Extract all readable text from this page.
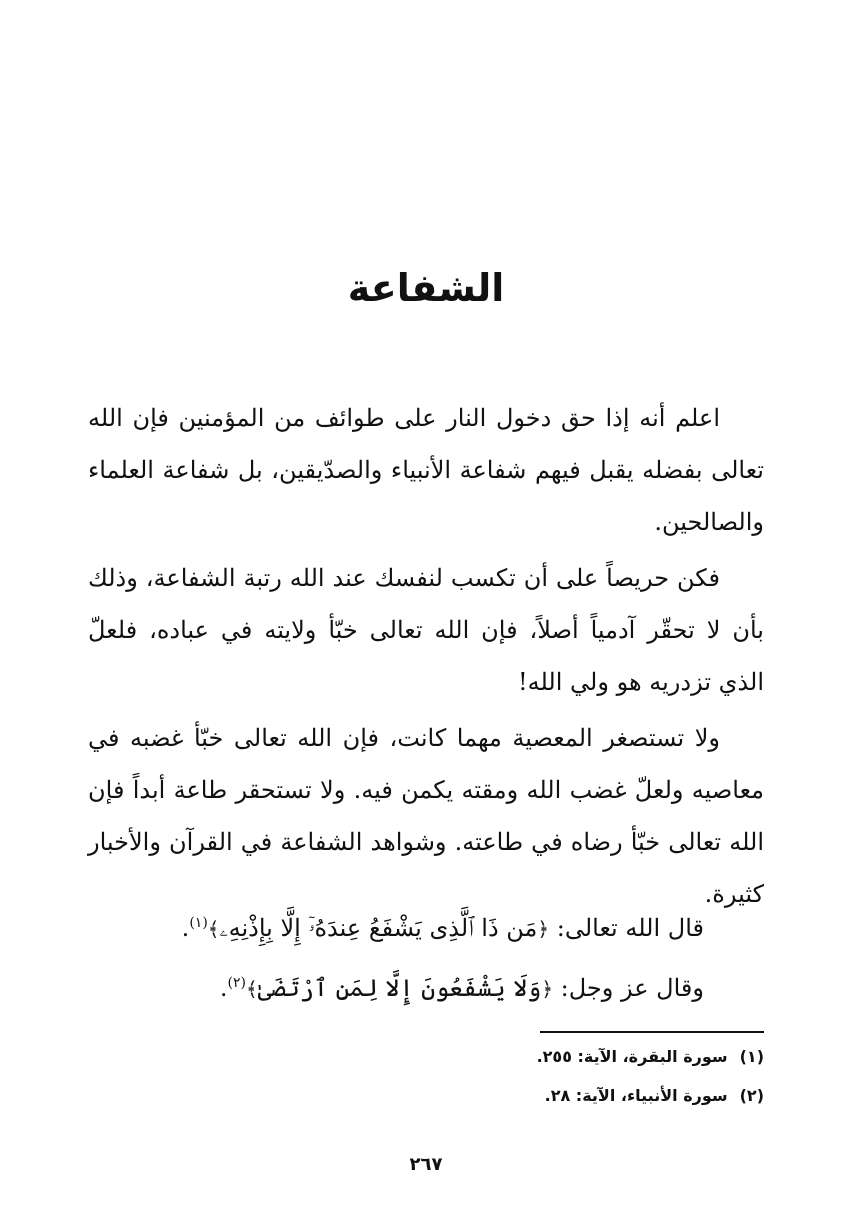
الشفاعة

اعلم أنه إذا حق دخول النار على طوائف من المؤمنين فإن الله تعالى بفضله يقبل فيهم شفاعة الأنبياء والصدّيقين، بل شفاعة العلماء والصالحين.

فكن حريصاً على أن تكسب لنفسك عند الله رتبة الشفاعة، وذلك بأن لا تحقّر آدمياً أصلاً، فإن الله تعالى خبّأ ولايته في عباده، فلعلّ الذي تزدريه هو ولي الله!

ولا تستصغر المعصية مهما كانت، فإن الله تعالى خبّأ غضبه في معاصيه ولعلّ غضب الله ومقته يكمن فيه. ولا تستحقر طاعة أبداً فإن الله تعالى خبّأ رضاه في طاعته. وشواهد الشفاعة في القرآن والأخبار كثيرة.

قال الله تعالى: ﴿مَن ذَا ٱلَّذِى يَشْفَعُ عِندَهُۥٓ إِلَّا بِإِذْنِهِۦ﴾$^{(١)}$.

وقال عز وجل: ﴿وَلَا يَشْفَعُونَ إِلَّا لِمَنِ ٱرْتَضَىٰ﴾$^{(٢)}$.

(١)سورة البقرة، الآية: ٢٥٥.

(٢)سورة الأنبياء، الآية: ٢٨.

٢٦٧
